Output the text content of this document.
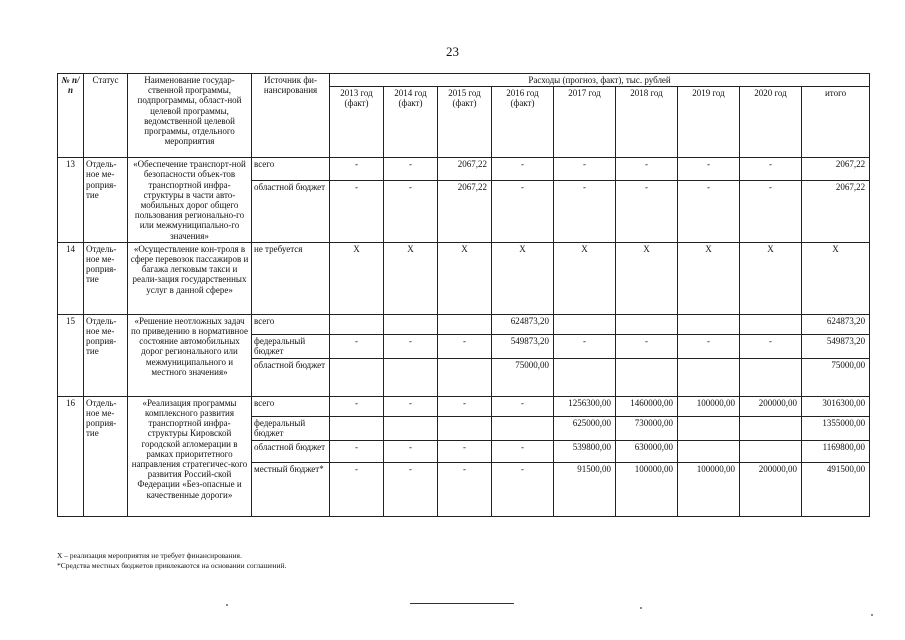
23
№ п/п	Статус	Наименование государ-ственной программы, подпрограммы, област-ной целевой программы, ведомственной целевой программы, отдельного мероприятия	Источник фи-нансирования	Расходы (прогноз, факт), тыс. рублей								
				2013 год (факт)	2014 год (факт)	2015 год (факт)	2016 год (факт)	2017 год	2018 год	2019 год	2020 год	итого
13	Отдель-ное ме-роприя-тие	«Обеспечение транспорт-ной безопасности объек-тов транспортной инфра-структуры в части авто-мобильных дорог общего пользования регионально-го или межмуниципально-го значения»	всего	-	-	2067,22	-	-	-	-	-	2067,22
			областной бюджет	-	-	2067,22	-	-	-	-	-	2067,22
14	Отдель-ное ме-роприя-тие	«Осуществление кон-троля в сфере перевозок пассажиров и багажа легковым такси и реали-зация государственных услуг в данной сфере»	не требуется	Х	Х	Х	Х	Х	Х	Х	Х	Х
15	Отдель-ное ме-роприя-тие	«Решение неотложных задач по приведению в нормативное состояние автомобильных дорог регионального или межмуниципального и местного значения»	всего				624873,20					624873,20
			федеральный бюджет	-	-	-	549873,20	-	-	-	-	549873,20
			областной бюджет				75000,00					75000,00
16	Отдель-ное ме-роприя-тие	«Реализация программы комплексного развития транспортной инфра-структуры Кировской городской агломерации в рамках приоритетного направления стратегичес-кого развития Россий-ской Федерации «Без-опасные и качественные дороги»	всего	-	-	-	-	1256300,00	1460000,00	100000,00	200000,00	3016300,00
			федеральный бюджет					625000,00	730000,00			1355000,00
			областной бюджет	-	-	-	-	539800,00	630000,00			1169800,00
			местный бюджет*	-	-	-	-	91500,00	100000,00	100000,00	200000,00	491500,00
Х – реализация мероприятия не требует финансирования.
*Средства местных бюджетов привлекаются на основании соглашений.
